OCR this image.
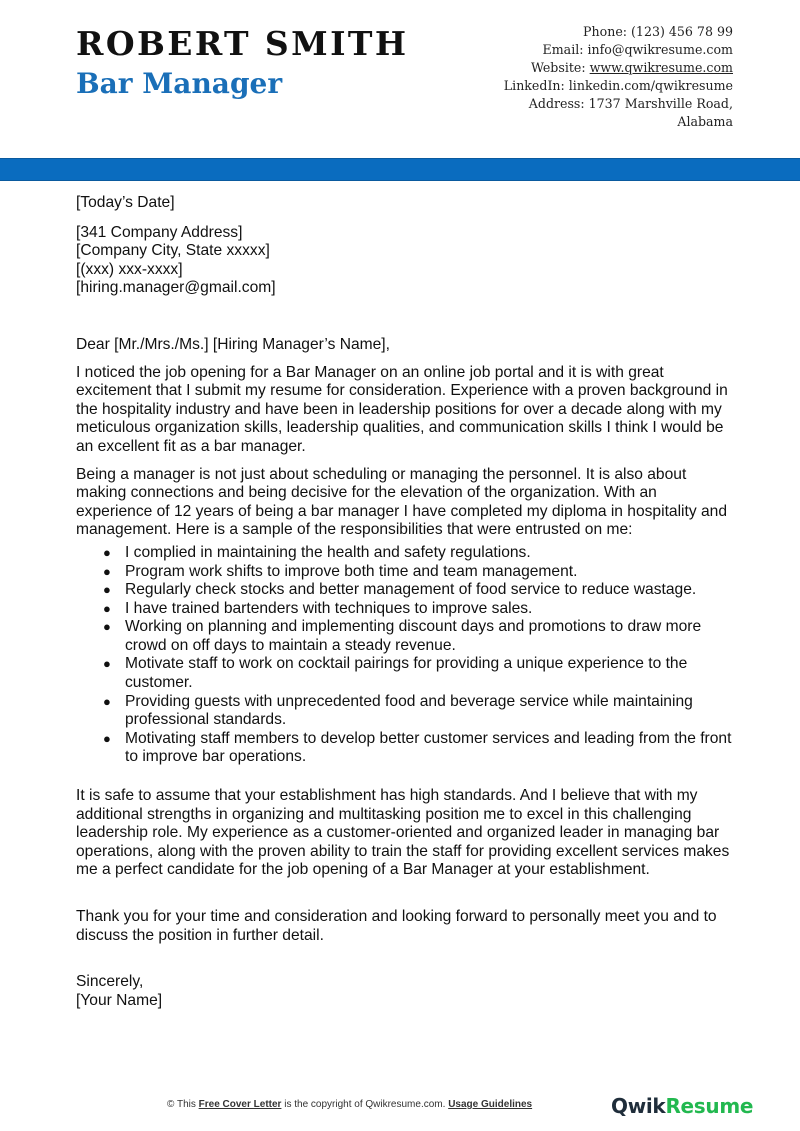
ROBERT SMITH
Bar Manager
Phone: (123) 456 78 99
Email: info@qwikresume.com
Website: www.qwikresume.com
LinkedIn: linkedin.com/qwikresume
Address: 1737 Marshville Road,
Alabama

[Today’s Date]

[341 Company Address]

[Company City, State xxxxx]

[(xxx) xxx-xxxx]

[hiring.manager@gmail.com]

Dear [Mr./Mrs./Ms.] [Hiring Manager’s Name],

I noticed the job opening for a Bar Manager on an online job portal and it is with great excitement that I submit my resume for consideration. Experience with a proven background in the hospitality industry and have been in leadership positions for over a decade along with my meticulous organization skills, leadership qualities, and communication skills I think I would be an excellent fit as a bar manager.

Being a manager is not just about scheduling or managing the personnel. It is also about making connections and being decisive for the elevation of the organization. With an experience of 12 years of being a bar manager I have completed my diploma in hospitality and management. Here is a sample of the responsibilities that were entrusted on me:

● I complied in maintaining the health and safety regulations.
● Program work shifts to improve both time and team management.
● Regularly check stocks and better management of food service to reduce wastage.
● I have trained bartenders with techniques to improve sales.
● Working on planning and implementing discount days and promotions to draw more crowd on off days to maintain a steady revenue.
● Motivate staff to work on cocktail pairings for providing a unique experience to the customer.
● Providing guests with unprecedented food and beverage service while maintaining professional standards.
● Motivating staff members to develop better customer services and leading from the front to improve bar operations.

It is safe to assume that your establishment has high standards. And I believe that with my additional strengths in organizing and multitasking position me to excel in this challenging leadership role. My experience as a customer-oriented and organized leader in managing bar operations, along with the proven ability to train the staff for providing excellent services makes me a perfect candidate for the job opening of a Bar Manager at your establishment.

Thank you for your time and consideration and looking forward to personally meet you and to discuss the position in further detail.

Sincerely,

[Your Name]

© This Free Cover Letter is the copyright of Qwikresume.com. Usage Guidelines	QwikResume
